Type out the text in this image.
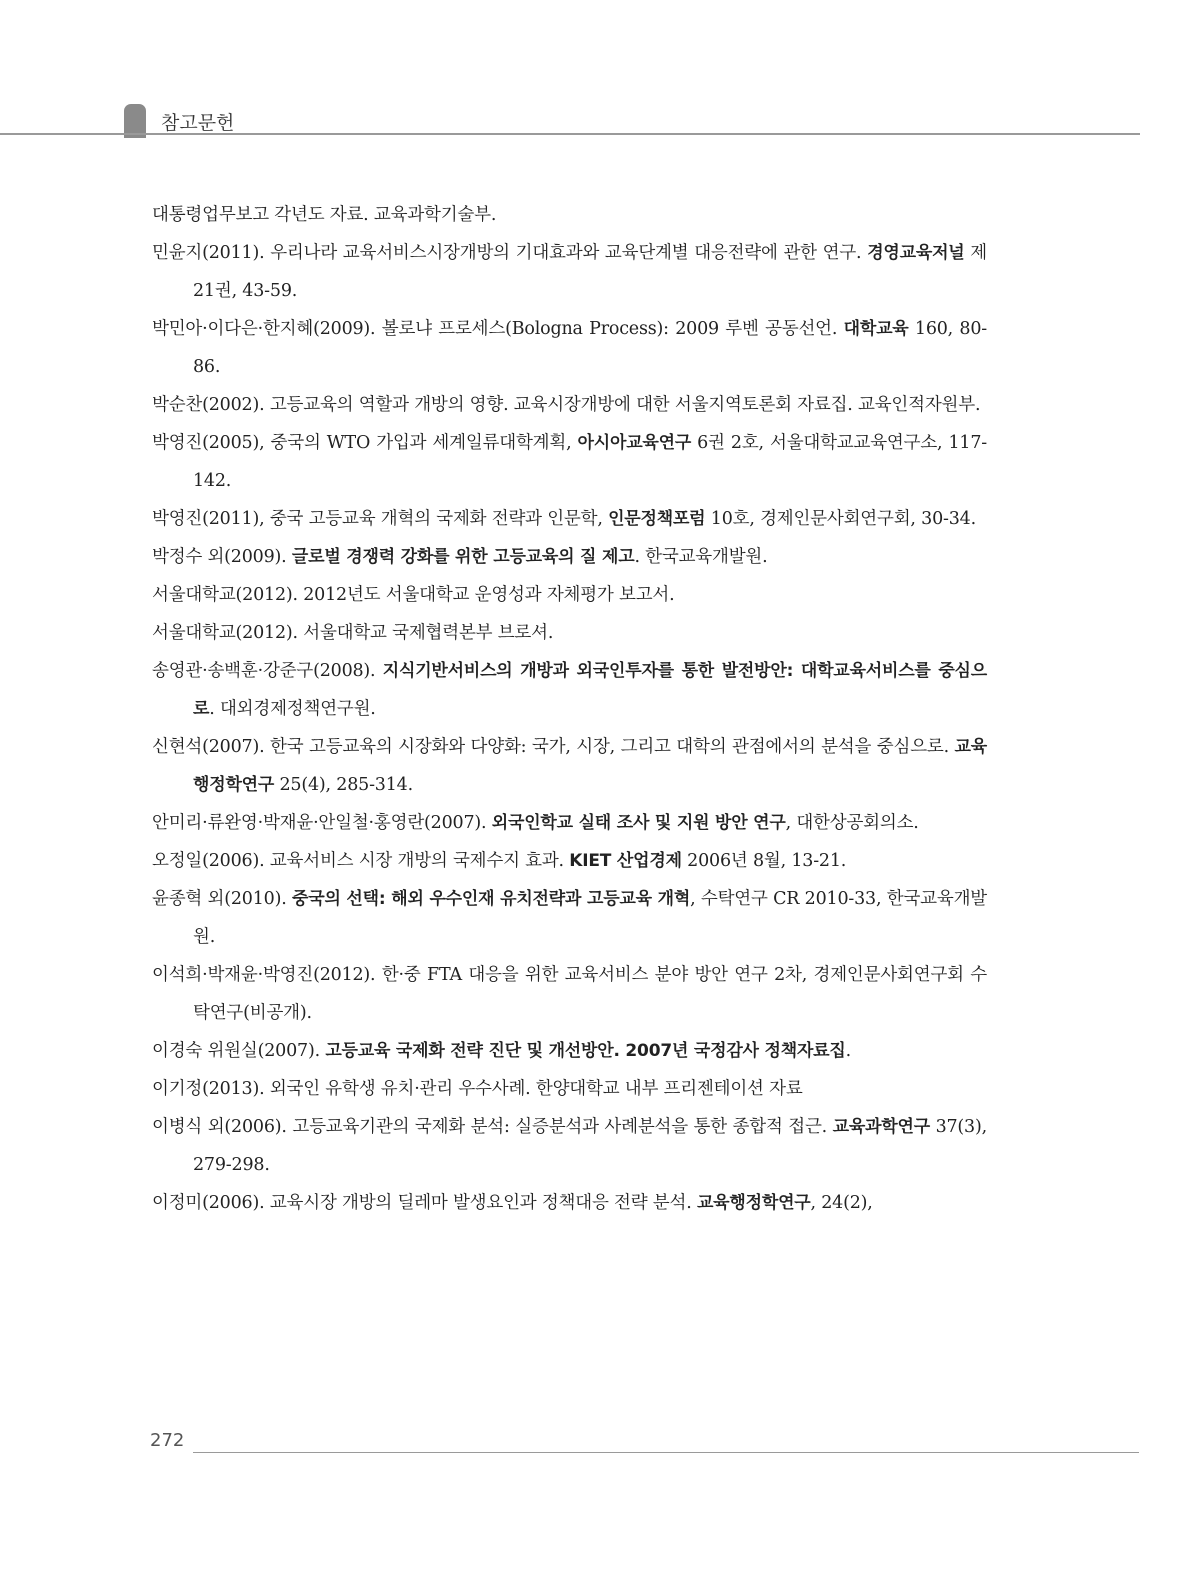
참고문헌
대통령업무보고 각년도 자료. 교육과학기술부.
민윤지(2011). 우리나라 교육서비스시장개방의 기대효과와 교육단계별 대응전략에 관한 연구. 경영교육저널 제 21권, 43-59.
박민아·이다은·한지혜(2009). 볼로냐 프로세스(Bologna Process): 2009 루벤 공동선언. 대학교육 160, 80-86.
박순찬(2002). 고등교육의 역할과 개방의 영향. 교육시장개방에 대한 서울지역토론회 자료집. 교육인적자원부.
박영진(2005), 중국의 WTO 가입과 세계일류대학계획, 아시아교육연구 6권 2호, 서울대학교교육연구소, 117-142.
박영진(2011), 중국 고등교육 개혁의 국제화 전략과 인문학, 인문정책포럼 10호, 경제인문사회연구회, 30-34.
박정수 외(2009). 글로벌 경쟁력 강화를 위한 고등교육의 질 제고. 한국교육개발원.
서울대학교(2012). 2012년도 서울대학교 운영성과 자체평가 보고서.
서울대학교(2012). 서울대학교 국제협력본부 브로셔.
송영관·송백훈·강준구(2008). 지식기반서비스의 개방과 외국인투자를 통한 발전방안: 대학교육서비스를 중심으로. 대외경제정책연구원.
신현석(2007). 한국 고등교육의 시장화와 다양화: 국가, 시장, 그리고 대학의 관점에서의 분석을 중심으로. 교육행정학연구 25(4), 285-314.
안미리·류완영·박재윤·안일철·홍영란(2007). 외국인학교 실태 조사 및 지원 방안 연구, 대한상공회의소.
오정일(2006). 교육서비스 시장 개방의 국제수지 효과. KIET 산업경제 2006년 8월, 13-21.
윤종혁 외(2010). 중국의 선택: 해외 우수인재 유치전략과 고등교육 개혁, 수탁연구 CR 2010-33, 한국교육개발원.
이석희·박재윤·박영진(2012). 한·중 FTA 대응을 위한 교육서비스 분야 방안 연구 2차, 경제인문사회연구회 수탁연구(비공개).
이경숙 위원실(2007). 고등교육 국제화 전략 진단 및 개선방안. 2007년 국정감사 정책자료집.
이기정(2013). 외국인 유학생 유치·관리 우수사례. 한양대학교 내부 프리젠테이션 자료
이병식 외(2006). 고등교육기관의 국제화 분석: 실증분석과 사례분석을 통한 종합적 접근. 교육과학연구 37(3), 279-298.
이정미(2006). 교육시장 개방의 딜레마 발생요인과 정책대응 전략 분석. 교육행정학연구, 24(2),
272
